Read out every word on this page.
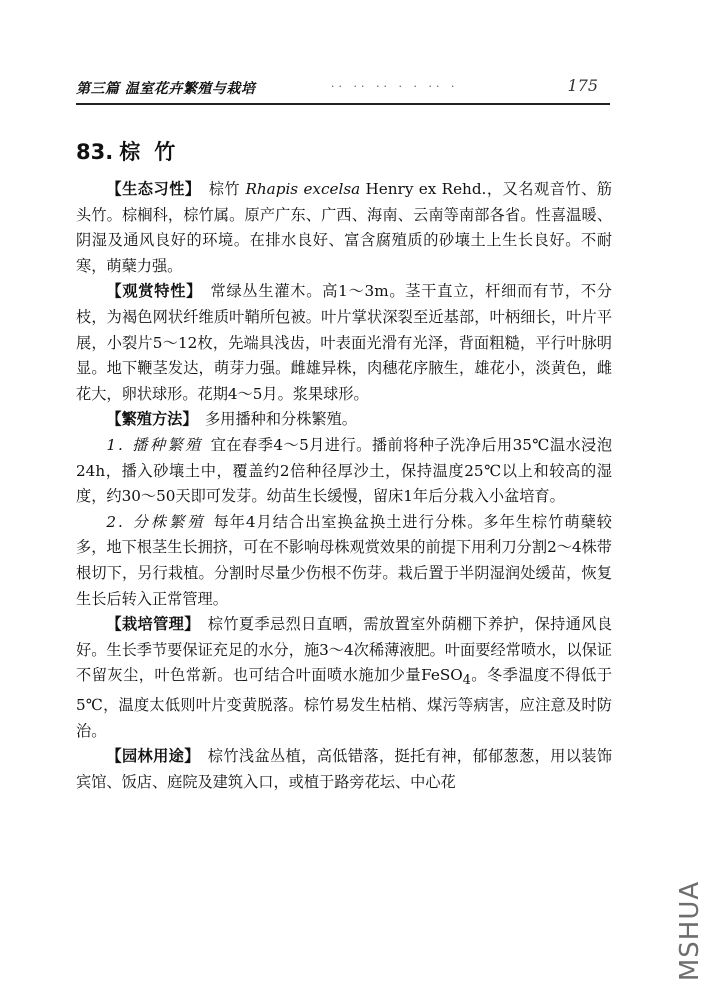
第三篇 温室花卉繁殖与栽培	·· ·· ·· · · ·· ·	175
83. 棕竹

【生态习性】　 棕竹 Rhapis excelsa Henry ex Rehd.，又名观音竹、筋头竹。棕榈科，棕竹属。原产广东、广西、海南、云南等南部各省。性喜温暖、阴湿及通风良好的环境。在排水良好、富含腐殖质的砂壤土上生长良好。不耐寒，萌蘖力强。

【观赏特性】　 常绿丛生灌木。高1～3m。茎干直立，杆细而有节，不分枝，为褐色网状纤维质叶鞘所包被。叶片掌状深裂至近基部，叶柄细长，叶片平展，小裂片5～12枚，先端具浅齿，叶表面光滑有光泽，背面粗糙，平行叶脉明显。地下鞭茎发达，萌芽力强。雌雄异株，肉穗花序腋生，雄花小，淡黄色，雌花大，卵状球形。花期4～5月。浆果球形。

【繁殖方法】　 多用播种和分株繁殖。

1. 播种繁殖 宜在春季4～5月进行。播前将种子洗净后用35℃温水浸泡24h，播入砂壤土中，覆盖约2倍种径厚沙土，保持温度25℃以上和较高的湿度，约30～50天即可发芽。幼苗生长缓慢，留床1年后分栽入小盆培育。

2. 分株繁殖 每年4月结合出室换盆换土进行分株。多年生棕竹萌蘖较多，地下根茎生长拥挤，可在不影响母株观赏效果的前提下用利刀分割2～4株带根切下，另行栽植。分割时尽量少伤根不伤芽。栽后置于半阴湿润处缓苗，恢复生长后转入正常管理。

【栽培管理】　 棕竹夏季忌烈日直晒，需放置室外荫棚下养护，保持通风良好。生长季节要保证充足的水分，施3～4次稀薄液肥。叶面要经常喷水，以保证不留灰尘，叶色常新。也可结合叶面喷水施加少量FeSO$_4$。冬季温度不得低于5℃，温度太低则叶片变黄脱落。棕竹易发生枯梢、煤污等病害，应注意及时防治。

【园林用途】　 棕竹浅盆丛植，高低错落，挺托有神，郁郁葱葱，用以装饰宾馆、饭店、庭院及建筑入口，或植于路旁花坛、中心花

MSHUA
